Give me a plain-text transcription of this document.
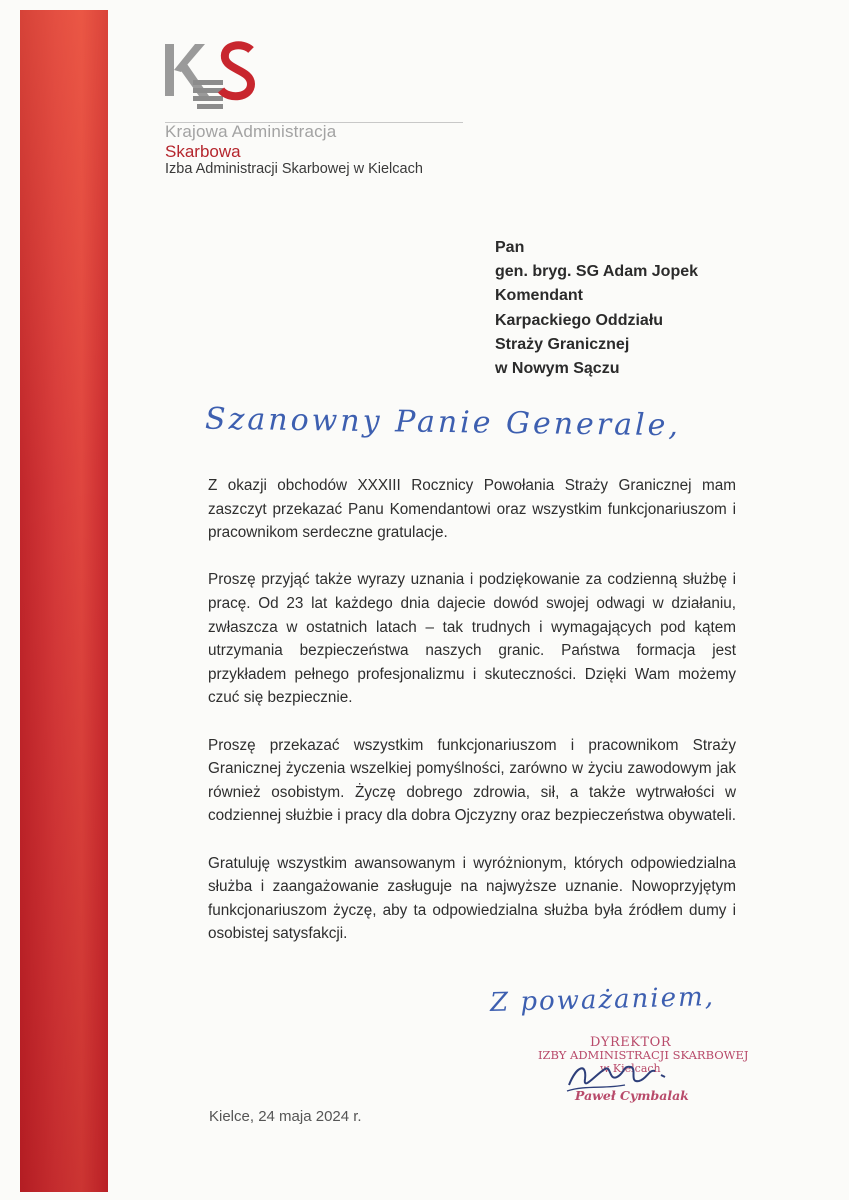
Krajowa Administracja
Skarbowa
Izba Administracji Skarbowej w Kielcach
Pan
gen. bryg. SG Adam Jopek
Komendant
Karpackiego Oddziału
Straży Granicznej
w Nowym Sączu
Szanowny Panie Generale,

Z okazji obchodów XXXIII Rocznicy Powołania Straży Granicznej mam zaszczyt przekazać Panu Komendantowi oraz wszystkim funkcjonariuszom i pracownikom serdeczne gratulacje.

Proszę przyjąć także wyrazy uznania i podziękowanie za codzienną służbę i pracę. Od 23 lat każdego dnia dajecie dowód swojej odwagi w działaniu, zwłaszcza w ostatnich latach – tak trudnych i wymagających pod kątem utrzymania bezpieczeństwa naszych granic. Państwa formacja jest przykładem pełnego profesjonalizmu i skuteczności. Dzięki Wam możemy czuć się bezpiecznie.

Proszę przekazać wszystkim funkcjonariuszom i pracownikom Straży Granicznej życzenia wszelkiej pomyślności, zarówno w życiu zawodowym jak również osobistym. Życzę dobrego zdrowia, sił, a także wytrwałości w codziennej służbie i pracy dla dobra Ojczyzny oraz bezpieczeństwa obywateli.

Gratuluję wszystkim awansowanym i wyróżnionym, których odpowiedzialna służba i zaangażowanie zasługuje na najwyższe uznanie. Nowoprzyjętym funkcjonariuszom życzę, aby ta odpowiedzialna służba była źródłem dumy i osobistej satysfakcji.

Z poważaniem,
DYREKTOR
IZBY ADMINISTRACJI SKARBOWEJ
w Kielcach
Paweł Cymbalak
Kielce, 24 maja 2024 r.
